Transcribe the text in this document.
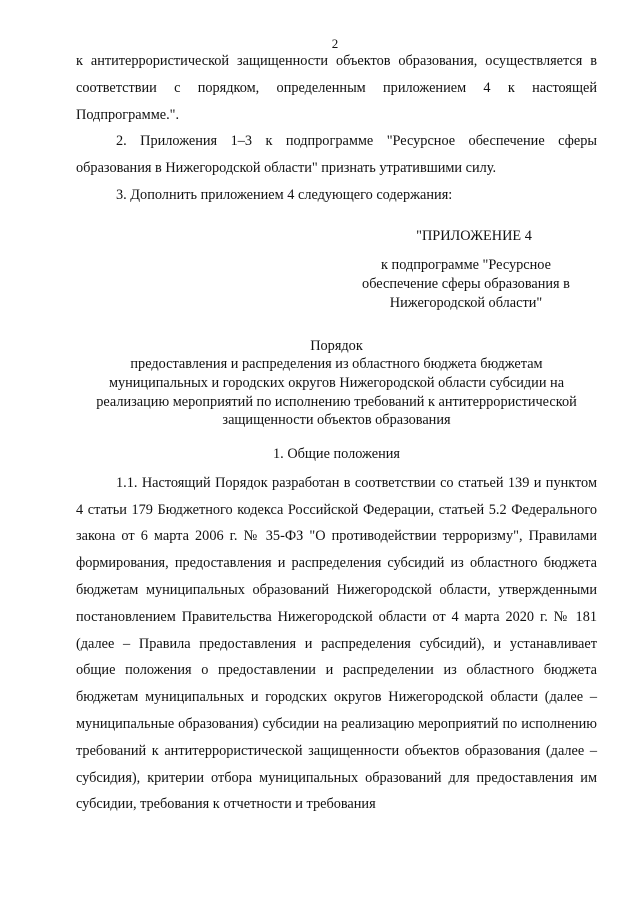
2

к антитеррористической защищенности объектов образования, осуществляется в соответствии с порядком, определенным приложением 4 к настоящей Подпрограмме.".

2. Приложения 1–3 к подпрограмме "Ресурсное обеспечение сферы образования в Нижегородской области" признать утратившими силу.

3. Дополнить приложением 4 следующего содержания:

"ПРИЛОЖЕНИЕ 4
к подпрограмме "Ресурсное
обеспечение сферы образования в
Нижегородской области"
Порядок
предоставления и распределения из областного бюджета бюджетам
муниципальных и городских округов Нижегородской области субсидии на
реализацию мероприятий по исполнению требований к антитеррористической
защищенности объектов образования
1. Общие положения

1.1. Настоящий Порядок разработан в соответствии со статьей 139 и пунктом 4 статьи 179 Бюджетного кодекса Российской Федерации, статьей 5.2 Федерального закона от 6 марта 2006 г. № 35-ФЗ "О противодействии терроризму", Правилами формирования, предоставления и распределения субсидий из областного бюджета бюджетам муниципальных образований Нижегородской области, утвержденными постановлением Правительства Нижегородской области от 4 марта 2020 г. № 181 (далее – Правила предоставления и распределения субсидий), и устанавливает общие положения о предоставлении и распределении из областного бюджета бюджетам муниципальных и городских округов Нижегородской области (далее – муниципальные образования) субсидии на реализацию мероприятий по исполнению требований к антитеррористической защищенности объектов образования (далее – субсидия), критерии отбора муниципальных образований для предоставления им субсидии, требования к отчетности и требования
